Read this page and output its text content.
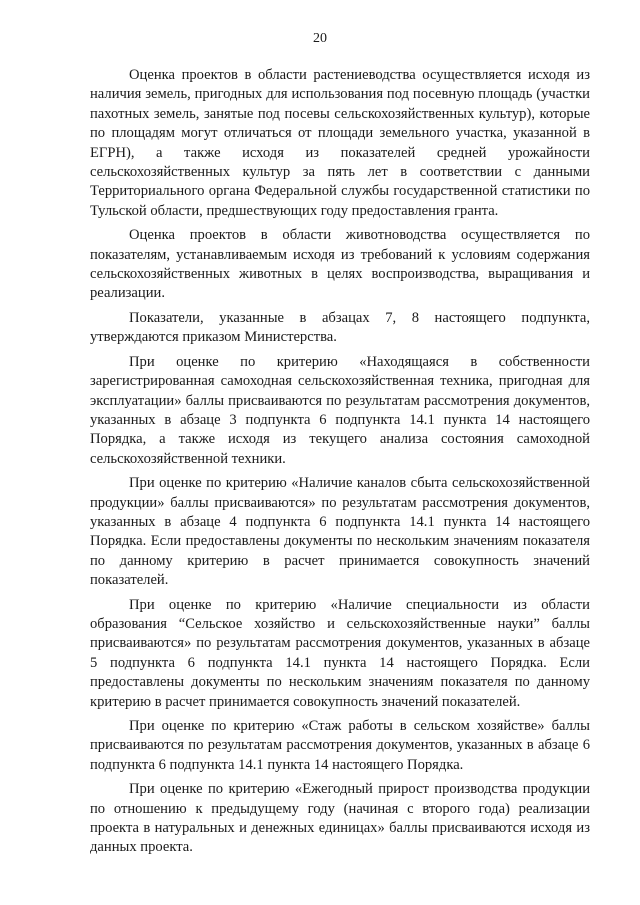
20

Оценка проектов в области растениеводства осуществляется исходя из наличия земель, пригодных для использования под посевную площадь (участки пахотных земель, занятые под посевы сельскохозяйственных культур), которые по площадям могут отличаться от площади земельного участка, указанной в ЕГРН), а также исходя из показателей средней урожайности сельскохозяйственных культур за пять лет в соответствии с данными Территориального органа Федеральной службы государственной статистики по Тульской области, предшествующих году предоставления гранта.

Оценка проектов в области животноводства осуществляется по показателям, устанавливаемым исходя из требований к условиям содержания сельскохозяйственных животных в целях воспроизводства, выращивания и реализации.

Показатели, указанные в абзацах 7, 8 настоящего подпункта, утверждаются приказом Министерства.

При оценке по критерию «Находящаяся в собственности зарегистрированная самоходная сельскохозяйственная техника, пригодная для эксплуатации» баллы присваиваются по результатам рассмотрения документов, указанных в абзаце 3 подпункта 6 подпункта 14.1 пункта 14 настоящего Порядка, а также исходя из текущего анализа состояния самоходной сельскохозяйственной техники.

При оценке по критерию «Наличие каналов сбыта сельскохозяйственной продукции» баллы присваиваются» по результатам рассмотрения документов, указанных в абзаце 4 подпункта 6 подпункта 14.1 пункта 14 настоящего Порядка. Если предоставлены документы по нескольким значениям показателя по данному критерию в расчет принимается совокупность значений показателей.

При оценке по критерию «Наличие специальности из области образования “Сельское хозяйство и сельскохозяйственные науки” баллы присваиваются» по результатам рассмотрения документов, указанных в абзаце 5 подпункта 6 подпункта 14.1 пункта 14 настоящего Порядка. Если предоставлены документы по нескольким значениям показателя по данному критерию в расчет принимается совокупность значений показателей.

При оценке по критерию «Стаж работы в сельском хозяйстве» баллы присваиваются по результатам рассмотрения документов, указанных в абзаце 6 подпункта 6 подпункта 14.1 пункта 14 настоящего Порядка.

При оценке по критерию «Ежегодный прирост производства продукции по отношению к предыдущему году (начиная с второго года) реализации проекта в натуральных и денежных единицах» баллы присваиваются исходя из данных проекта.
